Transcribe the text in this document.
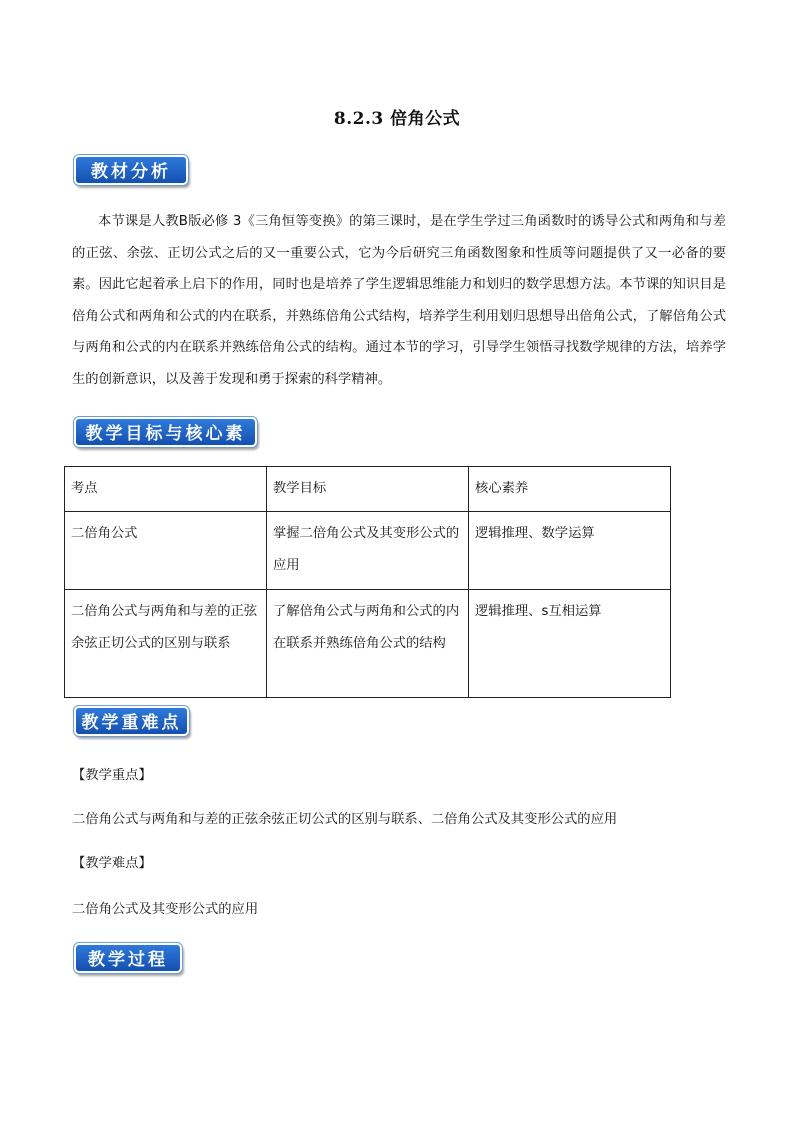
8.2.3 倍角公式
教材分析
本节课是人教B版必修 3《三角恒等变换》的第三课时，是在学生学过三角函数时的诱导公式和两角和与差的正弦、余弦、正切公式之后的又一重要公式，它为今后研究三角函数图象和性质等问题提供了又一必备的要素。因此它起着承上启下的作用，同时也是培养了学生逻辑思维能力和划归的数学思想方法。本节课的知识目是倍角公式和两角和公式的内在联系，并熟练倍角公式结构，培养学生利用划归思想导出倍角公式，了解倍角公式与两角和公式的内在联系并熟练倍角公式的结构。通过本节的学习，引导学生领悟寻找数学规律的方法，培养学生的创新意识，以及善于发现和勇于探索的科学精神。
教学目标与核心素养
考点	教学目标	核心素养
二倍角公式	掌握二倍角公式及其变形公式的应用	逻辑推理、数学运算
二倍角公式与两角和与差的正弦余弦正切公式的区别与联系	了解倍角公式与两角和公式的内在联系并熟练倍角公式的结构	逻辑推理、s互相运算
教学重难点
【教学重点】
二倍角公式与两角和与差的正弦余弦正切公式的区别与联系、二倍角公式及其变形公式的应用
【教学难点】
二倍角公式及其变形公式的应用
教学过程
